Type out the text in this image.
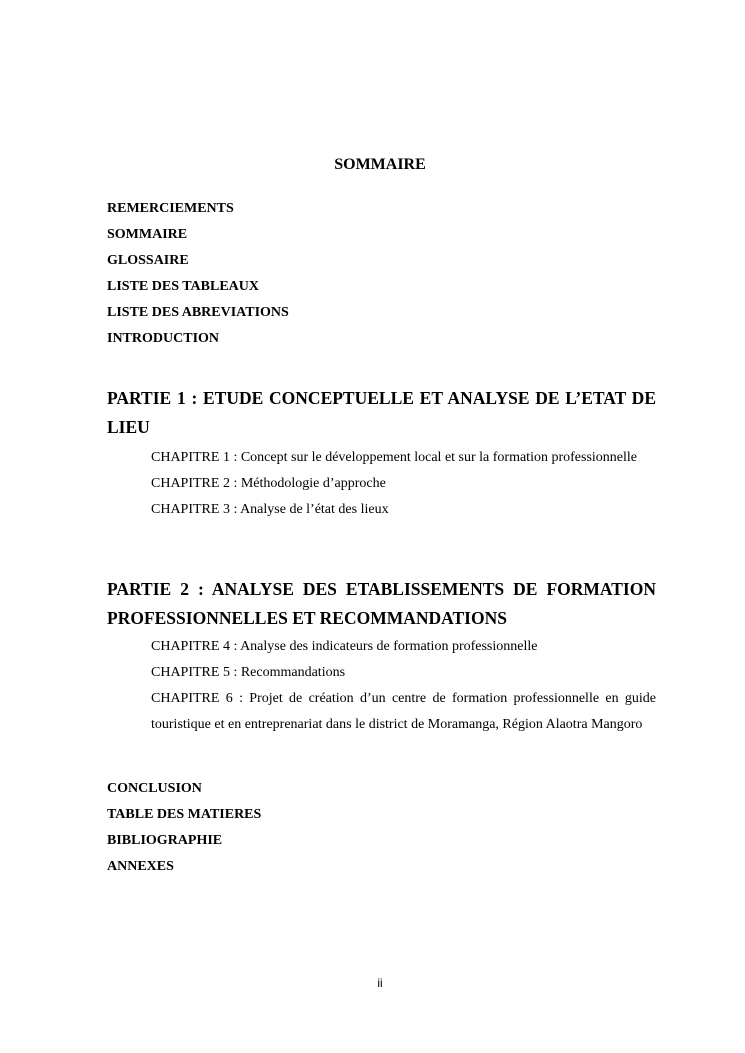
SOMMAIRE
REMERCIEMENTS
SOMMAIRE
GLOSSAIRE
LISTE DES TABLEAUX
LISTE DES ABREVIATIONS
INTRODUCTION
PARTIE 1 : ETUDE CONCEPTUELLE ET ANALYSE DE L’ETAT DE LIEU
CHAPITRE 1 : Concept sur le développement local et sur la formation professionnelle
CHAPITRE 2 : Méthodologie d’approche
CHAPITRE 3 : Analyse de l’état des lieux
PARTIE 2 : ANALYSE DES ETABLISSEMENTS DE FORMATION PROFESSIONNELLES ET RECOMMANDATIONS
CHAPITRE 4 : Analyse des indicateurs de formation professionnelle
CHAPITRE 5 : Recommandations
CHAPITRE 6 : Projet de création d’un centre de formation professionnelle en guide touristique et en entreprenariat dans le district de Moramanga, Région Alaotra Mangoro
CONCLUSION
TABLE DES MATIERES
BIBLIOGRAPHIE
ANNEXES
ii
